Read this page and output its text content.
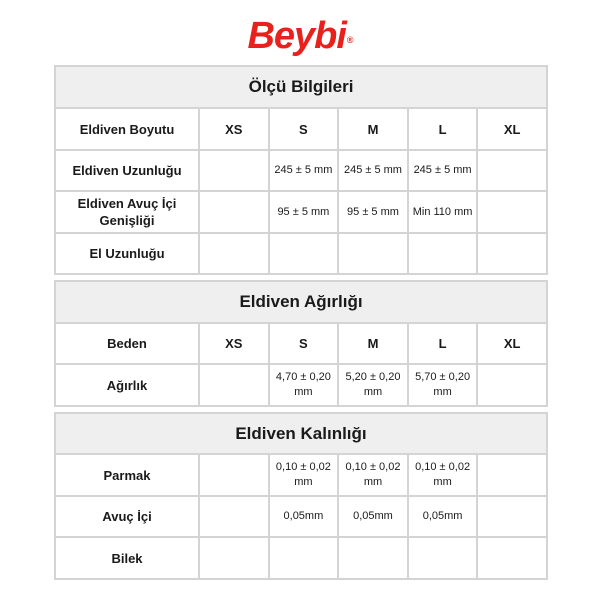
Beybi®
Ölçü Bilgileri					
Eldiven Boyutu	XS	S	M	L	XL
Eldiven Uzunluğu		245 ± 5 mm	245 ± 5 mm	245 ± 5 mm	
Eldiven Avuç İçi Genişliği		95 ± 5 mm	95 ± 5 mm	Min 110 mm	
El Uzunluğu					
Eldiven Ağırlığı					
Beden	XS	S	M	L	XL
Ağırlık		4,70 ± 0,20 mm	5,20 ± 0,20 mm	5,70 ± 0,20 mm	
Eldiven Kalınlığı					
Parmak		0,10 ± 0,02 mm	0,10 ± 0,02 mm	0,10 ± 0,02 mm	
Avuç İçi		0,05mm	0,05mm	0,05mm	
Bilek					
